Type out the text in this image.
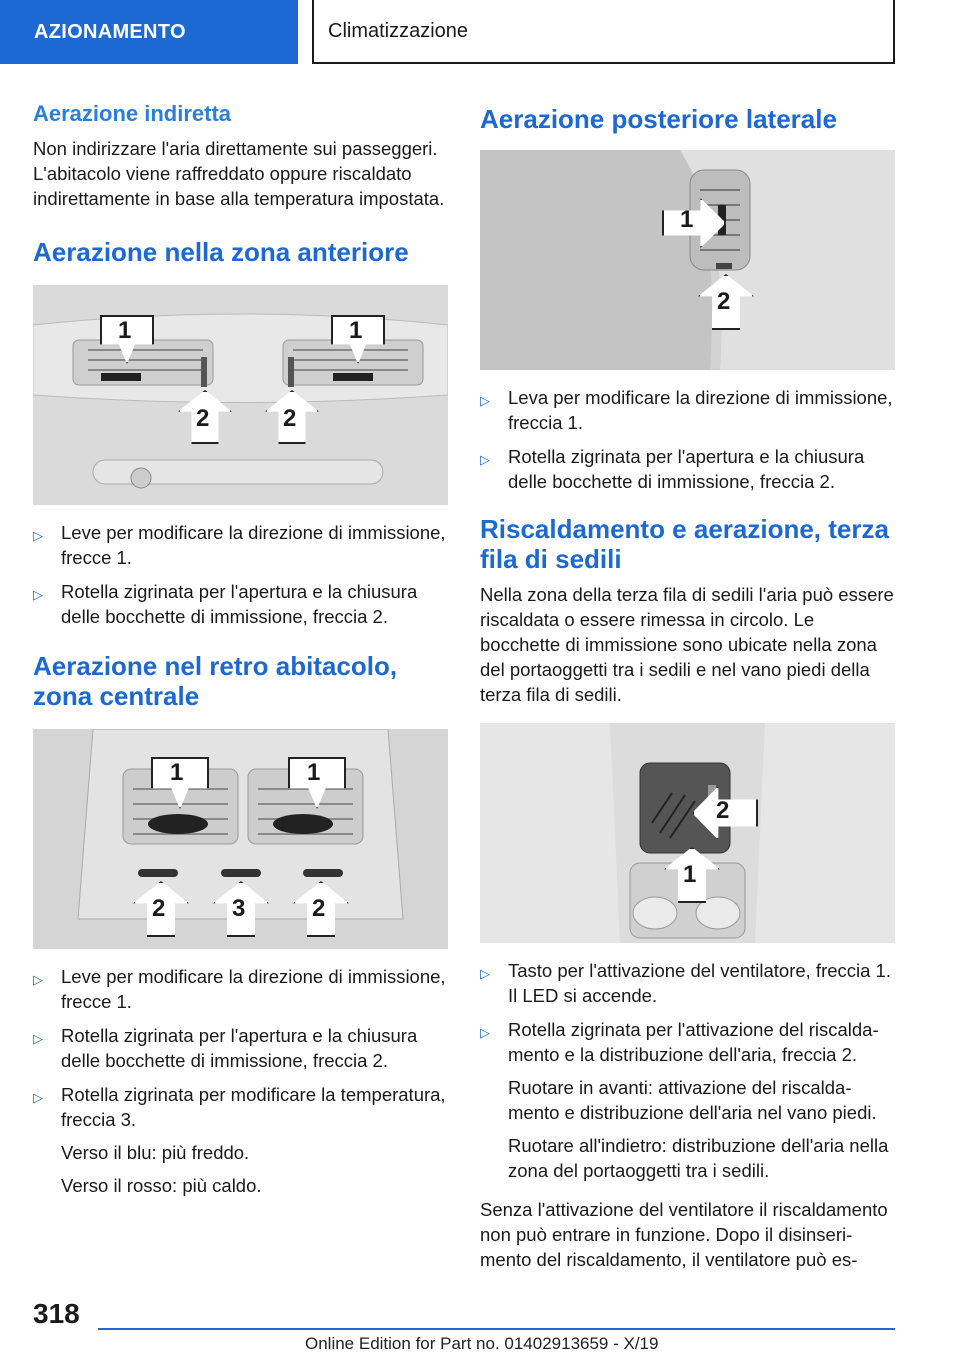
AZIONAMENTO	Climatizzazione
Aerazione indiretta

Non indirizzare l'aria direttamente sui passeggeri. L'abitacolo viene raffreddato oppure riscaldato indirettamente in base alla temperatura impostata.

Aerazione nella zona anteriore
1	1
2	2
▷ Leve per modificare la direzione di immissione, frecce 1.
▷ Rotella zigrinata per l'apertura e la chiusura delle bocchette di immissione, freccia 2.
Aerazione nel retro abitacolo, zona centrale
1	1
2	3	2
▷ Leve per modificare la direzione di immissione, frecce 1.
▷ Rotella zigrinata per l'apertura e la chiusura delle bocchette di immissione, freccia 2.
▷ Rotella zigrinata per modificare la temperatura, freccia 3.

Verso il blu: più freddo.

Verso il rosso: più caldo.

Aerazione posteriore laterale
1
2
▷ Leva per modificare la direzione di immissione, freccia 1.
▷ Rotella zigrinata per l'apertura e la chiusura delle bocchette di immissione, freccia 2.
Riscaldamento e aerazione, terza fila di sedili

Nella zona della terza fila di sedili l'aria può essere riscaldata o essere rimessa in circolo. Le bocchette di immissione sono ubicate nella zona del portaoggetti tra i sedili e nel vano piedi della terza fila di sedili.

2
1
▷ Tasto per l'attivazione del ventilatore, freccia 1. Il LED si accende.
▷ Rotella zigrinata per l'attivazione del riscaldamento e la distribuzione dell'aria, freccia 2.

Ruotare in avanti: attivazione del riscaldamento e distribuzione dell'aria nel vano piedi.

Ruotare all'indietro: distribuzione dell'aria nella zona del portaoggetti tra i sedili.

Senza l'attivazione del ventilatore il riscaldamento non può entrare in funzione. Dopo il disinserimento del riscaldamento, il ventilatore può es-

318
Online Edition for Part no. 01402913659 - X/19
